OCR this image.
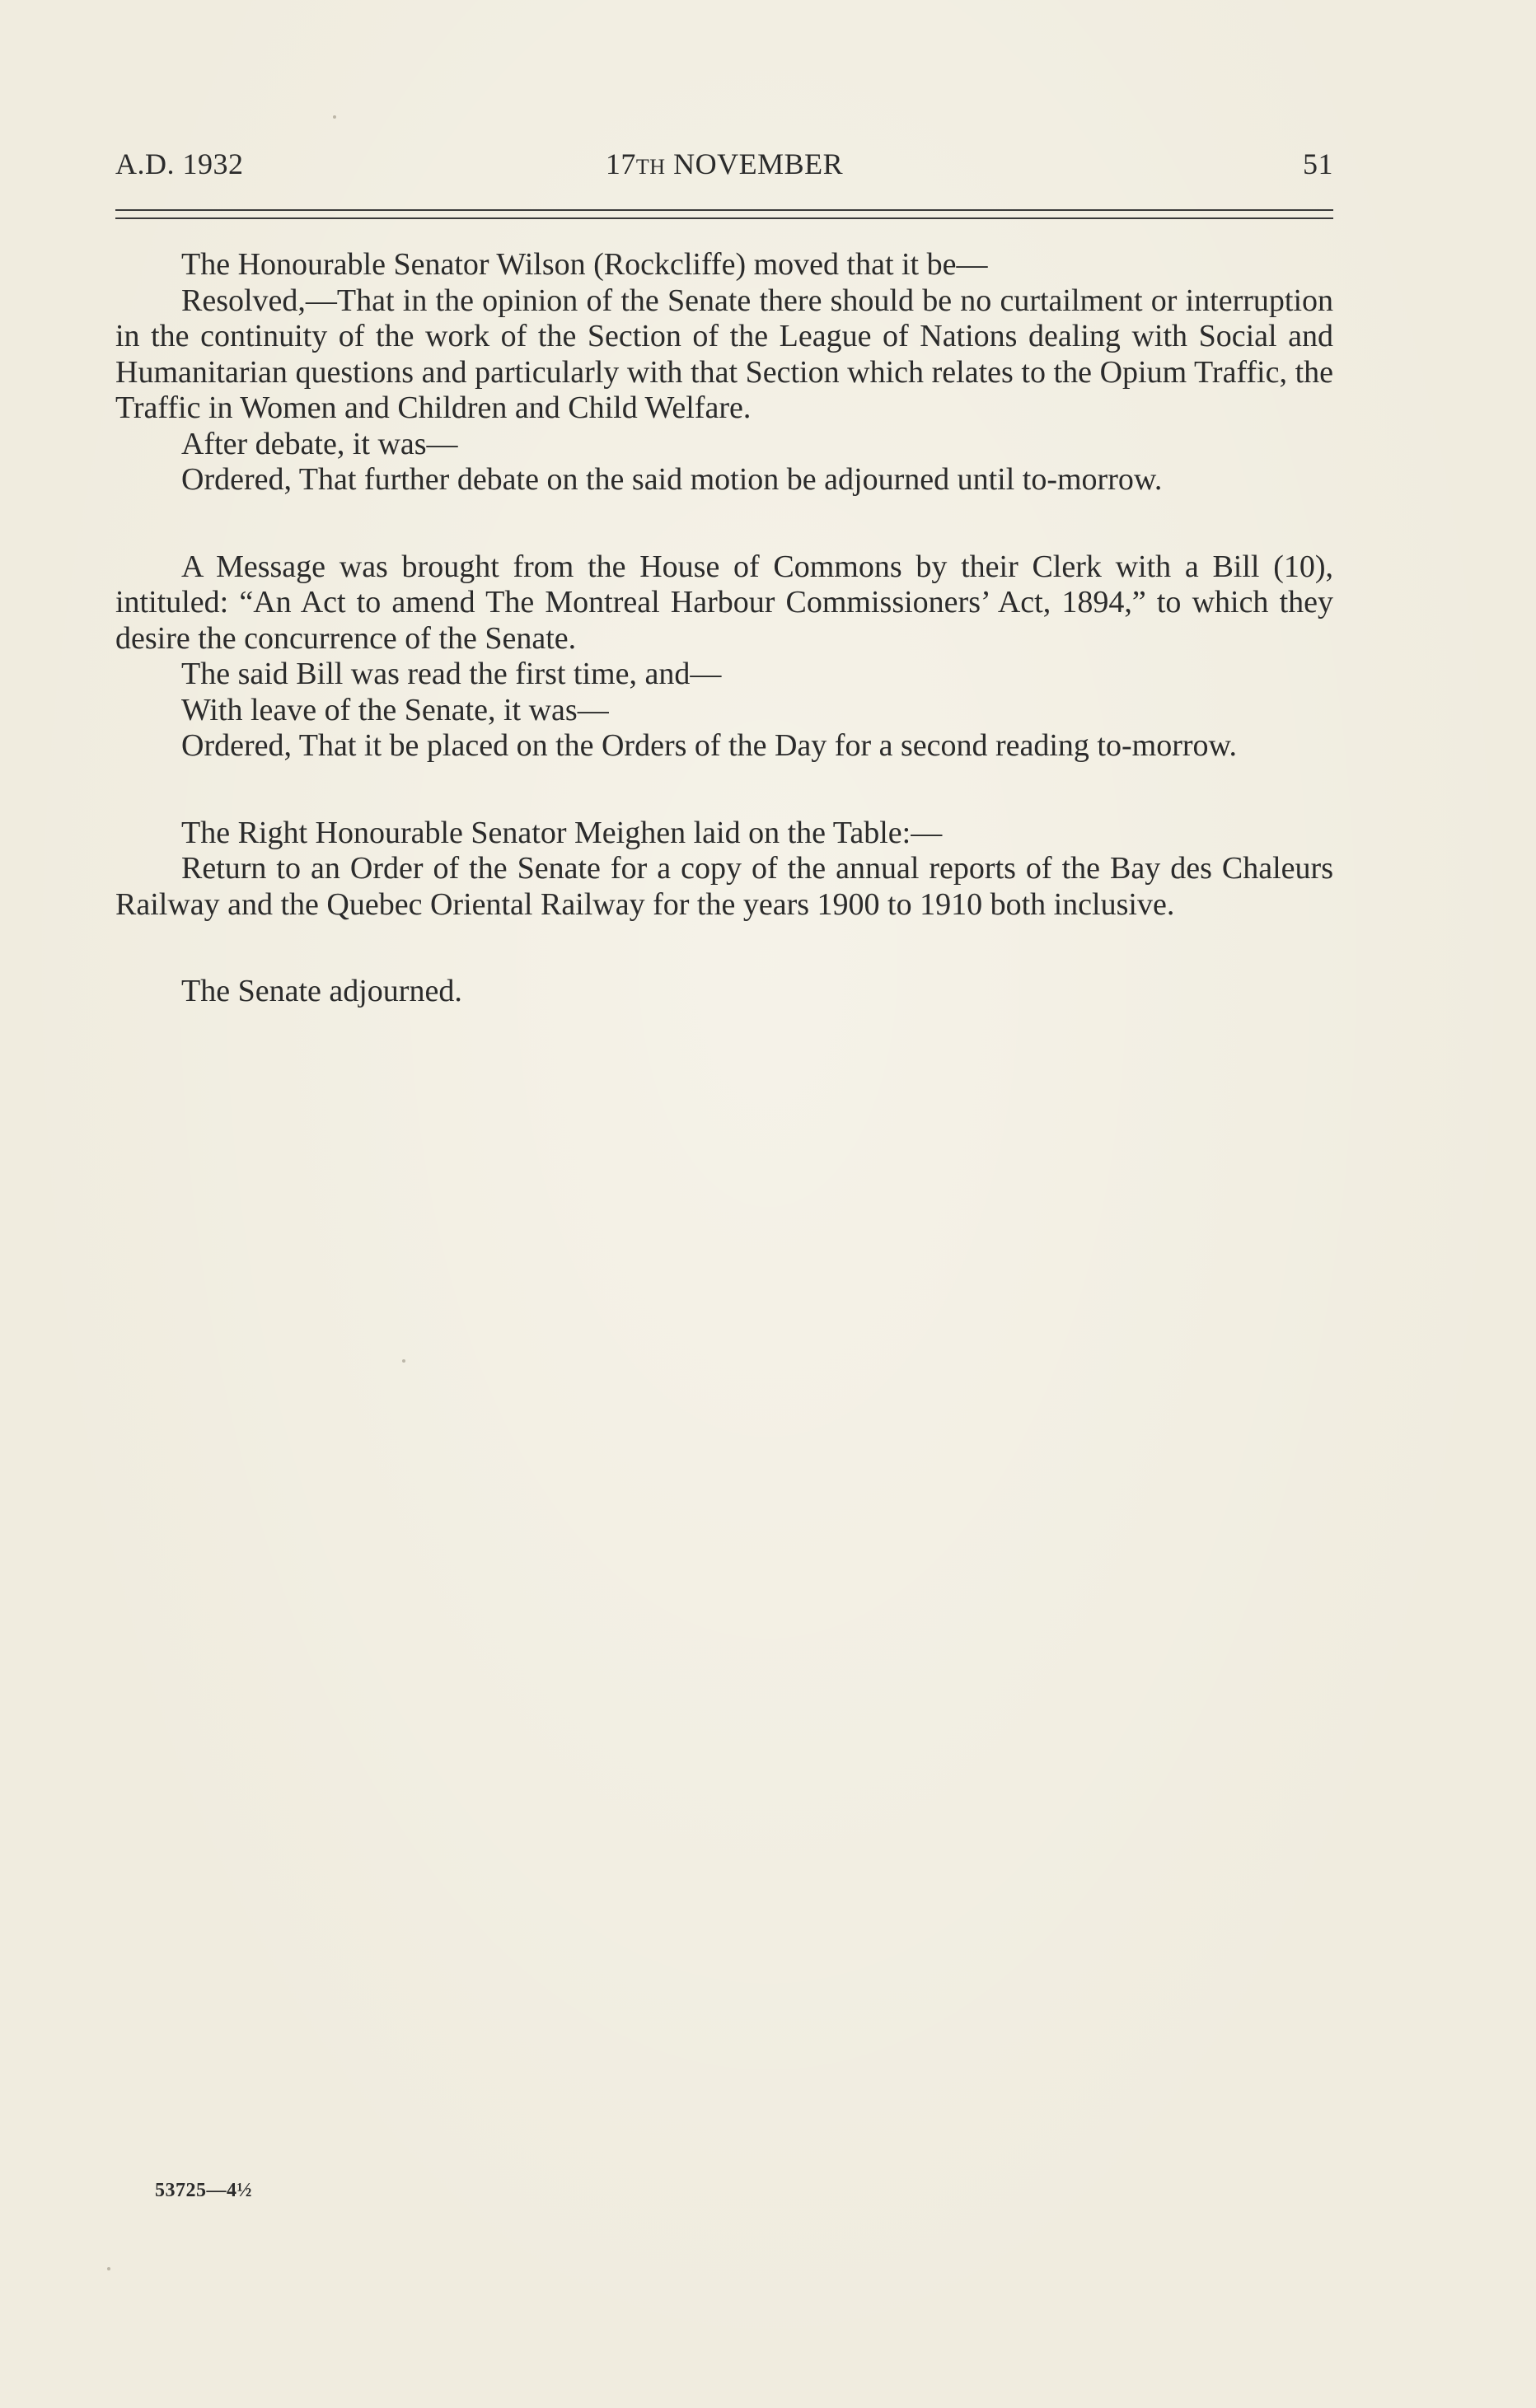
A.D. 1932	17TH NOVEMBER	51

The Honourable Senator Wilson (Rockcliffe) moved that it be—

Resolved,—That in the opinion of the Senate there should be no curtailment or interruption in the continuity of the work of the Section of the League of Nations dealing with Social and Humanitarian questions and particularly with that Section which relates to the Opium Traffic, the Traffic in Women and Children and Child Welfare.

After debate, it was—

Ordered, That further debate on the said motion be adjourned until to-morrow.

A Message was brought from the House of Commons by their Clerk with a Bill (10), intituled: “An Act to amend The Montreal Harbour Commissioners’ Act, 1894,” to which they desire the concurrence of the Senate.

The said Bill was read the first time, and—

With leave of the Senate, it was—

Ordered, That it be placed on the Orders of the Day for a second reading to-morrow.

The Right Honourable Senator Meighen laid on the Table:—

Return to an Order of the Senate for a copy of the annual reports of the Bay des Chaleurs Railway and the Quebec Oriental Railway for the years 1900 to 1910 both inclusive.

The Senate adjourned.

53725—4½
